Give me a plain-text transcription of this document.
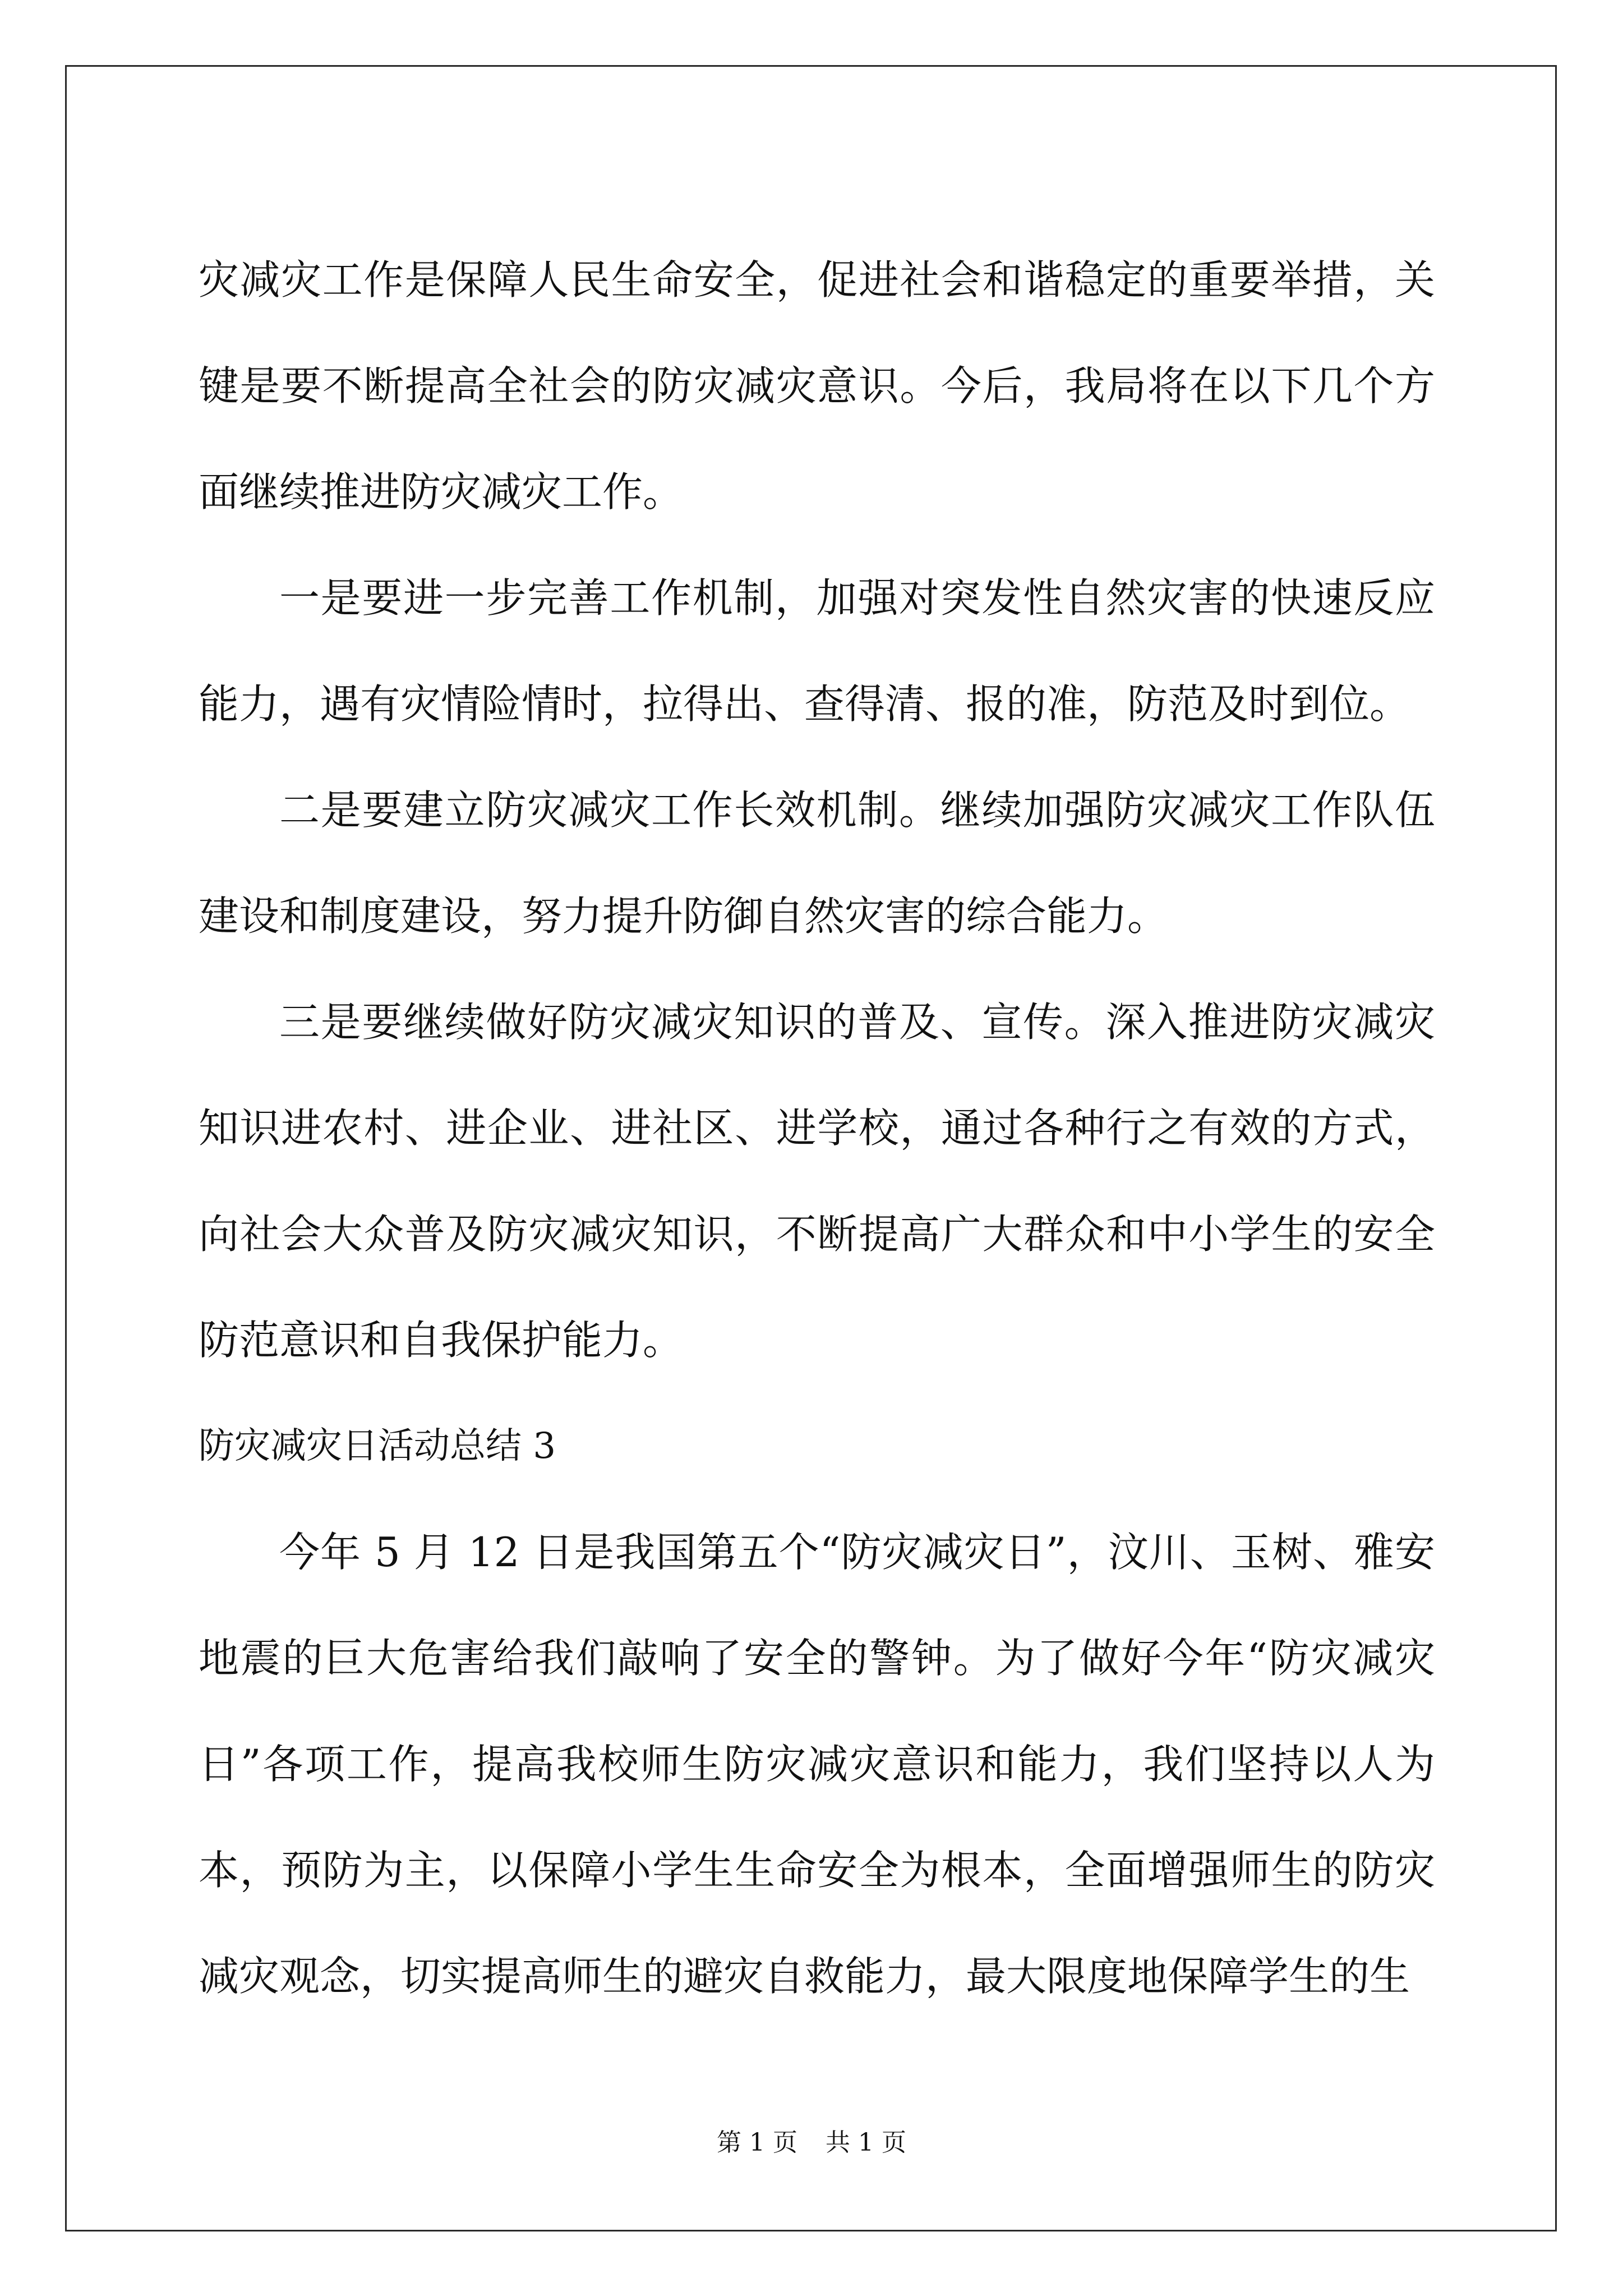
灾减灾工作是保障人民生命安全，促进社会和谐稳定的重要举措，关键是要不断提高全社会的防灾减灾意识。今后，我局将在以下几个方面继续推进防灾减灾工作。

一是要进一步完善工作机制，加强对突发性自然灾害的快速反应能力，遇有灾情险情时，拉得出、查得清、报的准，防范及时到位。

二是要建立防灾减灾工作长效机制。继续加强防灾减灾工作队伍建设和制度建设，努力提升防御自然灾害的综合能力。

三是要继续做好防灾减灾知识的普及、宣传。深入推进防灾减灾知识进农村、进企业、进社区、进学校，通过各种行之有效的方式，向社会大众普及防灾减灾知识，不断提高广大群众和中小学生的安全防范意识和自我保护能力。

防灾减灾日活动总结 3

今年 5 月 12 日是我国第五个“防灾减灾日”，汶川、玉树、雅安地震的巨大危害给我们敲响了安全的警钟。为了做好今年“防灾减灾日”各项工作，提高我校师生防灾减灾意识和能力，我们坚持以人为本，预防为主，以保障小学生生命安全为根本，全面增强师生的防灾减灾观念，切实提高师生的避灾自救能力，最大限度地保障学生的生

第 1 页 共 1 页
